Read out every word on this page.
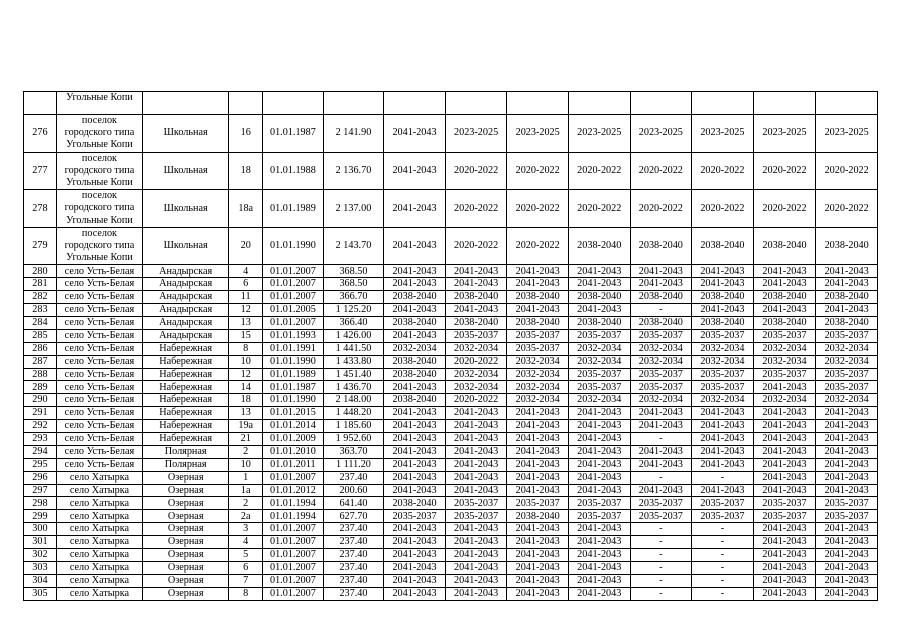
	Угольные Копи												
276	поселок городского типа Угольные Копи	Школьная	16	01.01.1987	2 141.90	2041-2043	2023-2025	2023-2025	2023-2025	2023-2025	2023-2025	2023-2025	2023-2025
277	поселок городского типа Угольные Копи	Школьная	18	01.01.1988	2 136.70	2041-2043	2020-2022	2020-2022	2020-2022	2020-2022	2020-2022	2020-2022	2020-2022
278	поселок городского типа Угольные Копи	Школьная	18а	01.01.1989	2 137.00	2041-2043	2020-2022	2020-2022	2020-2022	2020-2022	2020-2022	2020-2022	2020-2022
279	поселок городского типа Угольные Копи	Школьная	20	01.01.1990	2 143.70	2041-2043	2020-2022	2020-2022	2038-2040	2038-2040	2038-2040	2038-2040	2038-2040
280	село Усть-Белая	Анадырская	4	01.01.2007	368.50	2041-2043	2041-2043	2041-2043	2041-2043	2041-2043	2041-2043	2041-2043	2041-2043
281	село Усть-Белая	Анадырская	6	01.01.2007	368.50	2041-2043	2041-2043	2041-2043	2041-2043	2041-2043	2041-2043	2041-2043	2041-2043
282	село Усть-Белая	Анадырская	11	01.01.2007	366.70	2038-2040	2038-2040	2038-2040	2038-2040	2038-2040	2038-2040	2038-2040	2038-2040
283	село Усть-Белая	Анадырская	12	01.01.2005	1 125.20	2041-2043	2041-2043	2041-2043	2041-2043	-	2041-2043	2041-2043	2041-2043
284	село Усть-Белая	Анадырская	13	01.01.2007	366.40	2038-2040	2038-2040	2038-2040	2038-2040	2038-2040	2038-2040	2038-2040	2038-2040
285	село Усть-Белая	Анадырская	15	01.01.1993	1 426.00	2041-2043	2035-2037	2035-2037	2035-2037	2035-2037	2035-2037	2035-2037	2035-2037
286	село Усть-Белая	Набережная	8	01.01.1991	1 441.50	2032-2034	2032-2034	2035-2037	2032-2034	2032-2034	2032-2034	2032-2034	2032-2034
287	село Усть-Белая	Набережная	10	01.01.1990	1 433.80	2038-2040	2020-2022	2032-2034	2032-2034	2032-2034	2032-2034	2032-2034	2032-2034
288	село Усть-Белая	Набережная	12	01.01.1989	1 451.40	2038-2040	2032-2034	2032-2034	2035-2037	2035-2037	2035-2037	2035-2037	2035-2037
289	село Усть-Белая	Набережная	14	01.01.1987	1 436.70	2041-2043	2032-2034	2032-2034	2035-2037	2035-2037	2035-2037	2041-2043	2035-2037
290	село Усть-Белая	Набережная	18	01.01.1990	2 148.00	2038-2040	2020-2022	2032-2034	2032-2034	2032-2034	2032-2034	2032-2034	2032-2034
291	село Усть-Белая	Набережная	13	01.01.2015	1 448.20	2041-2043	2041-2043	2041-2043	2041-2043	2041-2043	2041-2043	2041-2043	2041-2043
292	село Усть-Белая	Набережная	19а	01.01.2014	1 185.60	2041-2043	2041-2043	2041-2043	2041-2043	2041-2043	2041-2043	2041-2043	2041-2043
293	село Усть-Белая	Набережная	21	01.01.2009	1 952.60	2041-2043	2041-2043	2041-2043	2041-2043	-	2041-2043	2041-2043	2041-2043
294	село Усть-Белая	Полярная	2	01.01.2010	363.70	2041-2043	2041-2043	2041-2043	2041-2043	2041-2043	2041-2043	2041-2043	2041-2043
295	село Усть-Белая	Полярная	10	01.01.2011	1 111.20	2041-2043	2041-2043	2041-2043	2041-2043	2041-2043	2041-2043	2041-2043	2041-2043
296	село Хатырка	Озерная	1	01.01.2007	237.40	2041-2043	2041-2043	2041-2043	2041-2043	-	-	2041-2043	2041-2043
297	село Хатырка	Озерная	1а	01.01.2012	200.60	2041-2043	2041-2043	2041-2043	2041-2043	2041-2043	2041-2043	2041-2043	2041-2043
298	село Хатырка	Озерная	2	01.01.1994	641.40	2038-2040	2035-2037	2035-2037	2035-2037	2035-2037	2035-2037	2035-2037	2035-2037
299	село Хатырка	Озерная	2а	01.01.1994	627.70	2035-2037	2035-2037	2038-2040	2035-2037	2035-2037	2035-2037	2035-2037	2035-2037
300	село Хатырка	Озерная	3	01.01.2007	237.40	2041-2043	2041-2043	2041-2043	2041-2043	-	-	2041-2043	2041-2043
301	село Хатырка	Озерная	4	01.01.2007	237.40	2041-2043	2041-2043	2041-2043	2041-2043	-	-	2041-2043	2041-2043
302	село Хатырка	Озерная	5	01.01.2007	237.40	2041-2043	2041-2043	2041-2043	2041-2043	-	-	2041-2043	2041-2043
303	село Хатырка	Озерная	6	01.01.2007	237.40	2041-2043	2041-2043	2041-2043	2041-2043	-	-	2041-2043	2041-2043
304	село Хатырка	Озерная	7	01.01.2007	237.40	2041-2043	2041-2043	2041-2043	2041-2043	-	-	2041-2043	2041-2043
305	село Хатырка	Озерная	8	01.01.2007	237.40	2041-2043	2041-2043	2041-2043	2041-2043	-	-	2041-2043	2041-2043
